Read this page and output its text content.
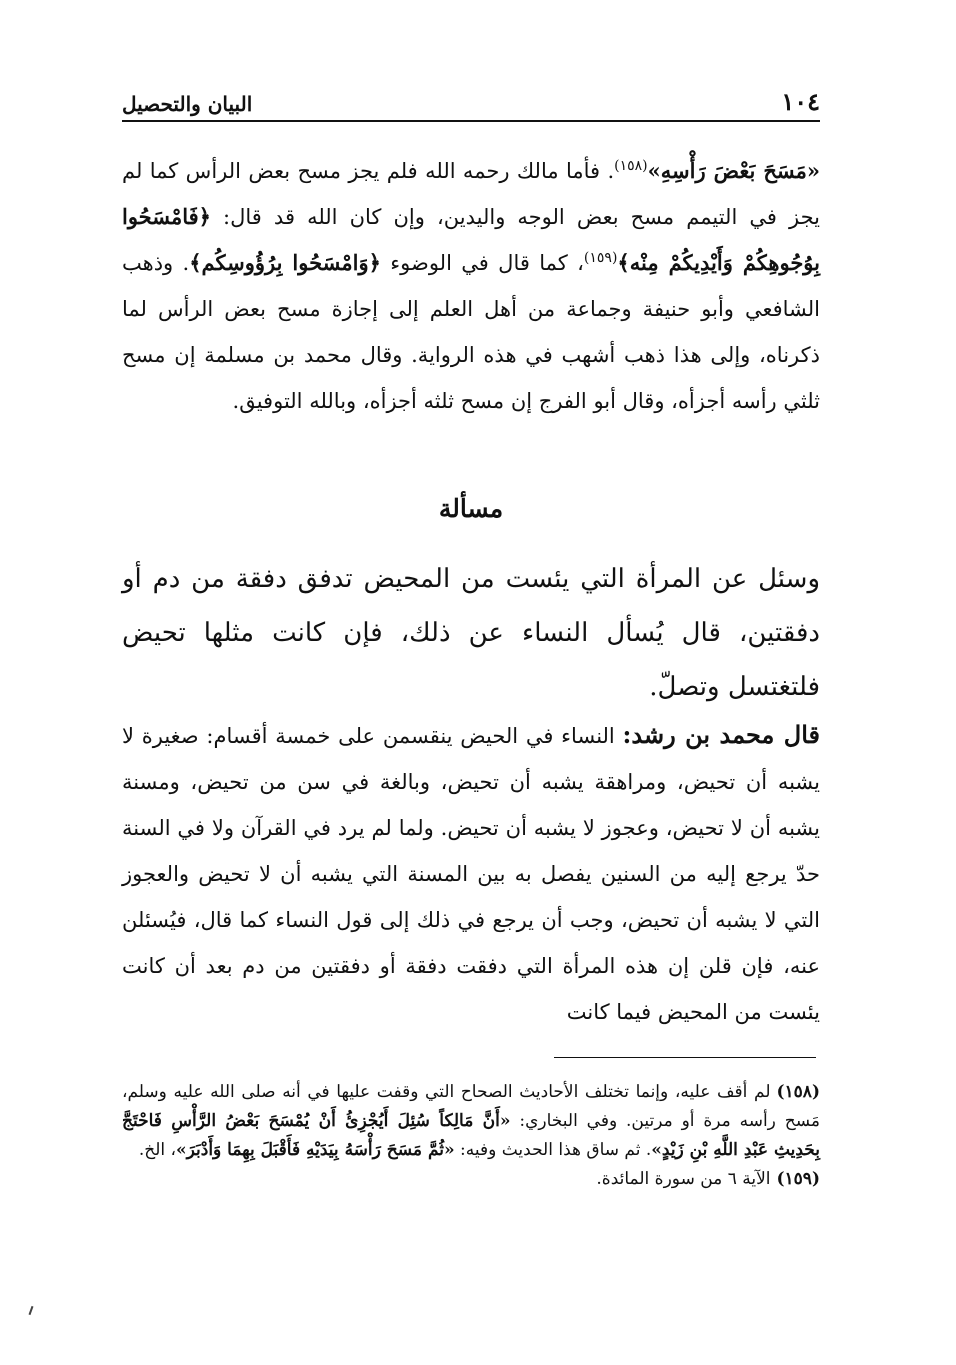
١٠٤
البيان والتحصيل

«مَسَحَ بَعْضَ رَأْسِهِ»$^{(١٥٨)}$. فأما مالك رحمه الله فلم يجز مسح بعض الرأس كما لم يجز في التيمم مسح بعض الوجه واليدين، وإن كان الله قد قال: ﴿فَامْسَحُوا بِوُجُوهِكُمْ وَأَيْدِيكُمْ مِنْه﴾$^{(١٥٩)}$، كما قال في الوضوء ﴿وَامْسَحُوا بِرُؤُوسِكُم﴾. وذهب الشافعي وأبو حنيفة وجماعة من أهل العلم إلى إجازة مسح بعض الرأس لما ذكرناه، وإلى هذا ذهب أشهب في هذه الرواية. وقال محمد بن مسلمة إن مسح ثلثي رأسه أجزأه، وقال أبو الفرج إن مسح ثلثه أجزأه، وبالله التوفيق.

مسألة

وسئل عن المرأة التي يئست من المحيض تدفق دفقة من دم أو دفقتين، قال يُسأل النساء عن ذلك، فإن كانت مثلها تحيض فلتغتسل وتصلّ.

قال محمد بن رشد: النساء في الحيض ينقسمن على خمسة أقسام: صغيرة لا يشبه أن تحيض، ومراهقة يشبه أن تحيض، وبالغة في سن من تحيض، ومسنة يشبه أن لا تحيض، وعجوز لا يشبه أن تحيض. ولما لم يرد في القرآن ولا في السنة حدّ يرجع إليه من السنين يفصل به بين المسنة التي يشبه أن لا تحيض والعجوز التي لا يشبه أن تحيض، وجب أن يرجع في ذلك إلى قول النساء كما قال، فيُسئلن عنه، فإن قلن إن هذه المرأة التي دفقت دفقة أو دفقتين من دم بعد أن كانت يئست من المحيض فيما كانت

(١٥٨)لم أقف عليه، وإنما تختلف الأحاديث الصحاح التي وقفت عليها في أنه صلى الله عليه وسلم، مَسح رأسه مرة أو مرتين. وفي البخاري: «أَنَّ مَالِكاً سُئِلَ أَيُجْزِئُ أَنْ يُمْسَحَ بَعْضُ الرَّأْسِ فَاحْتَجَّ بِحَدِيثِ عَبْدِ اللَّهِ بْنِ زَيْدٍ». ثم ساق هذا الحديث وفيه: «ثُمَّ مَسَحَ رَأْسَهُ بِيَدَيْهِ فَأَقْبَلَ بِهِمَا وَأَدْبَرَ»، الخ.

(١٥٩)الآية ٦ من سورة المائدة.
